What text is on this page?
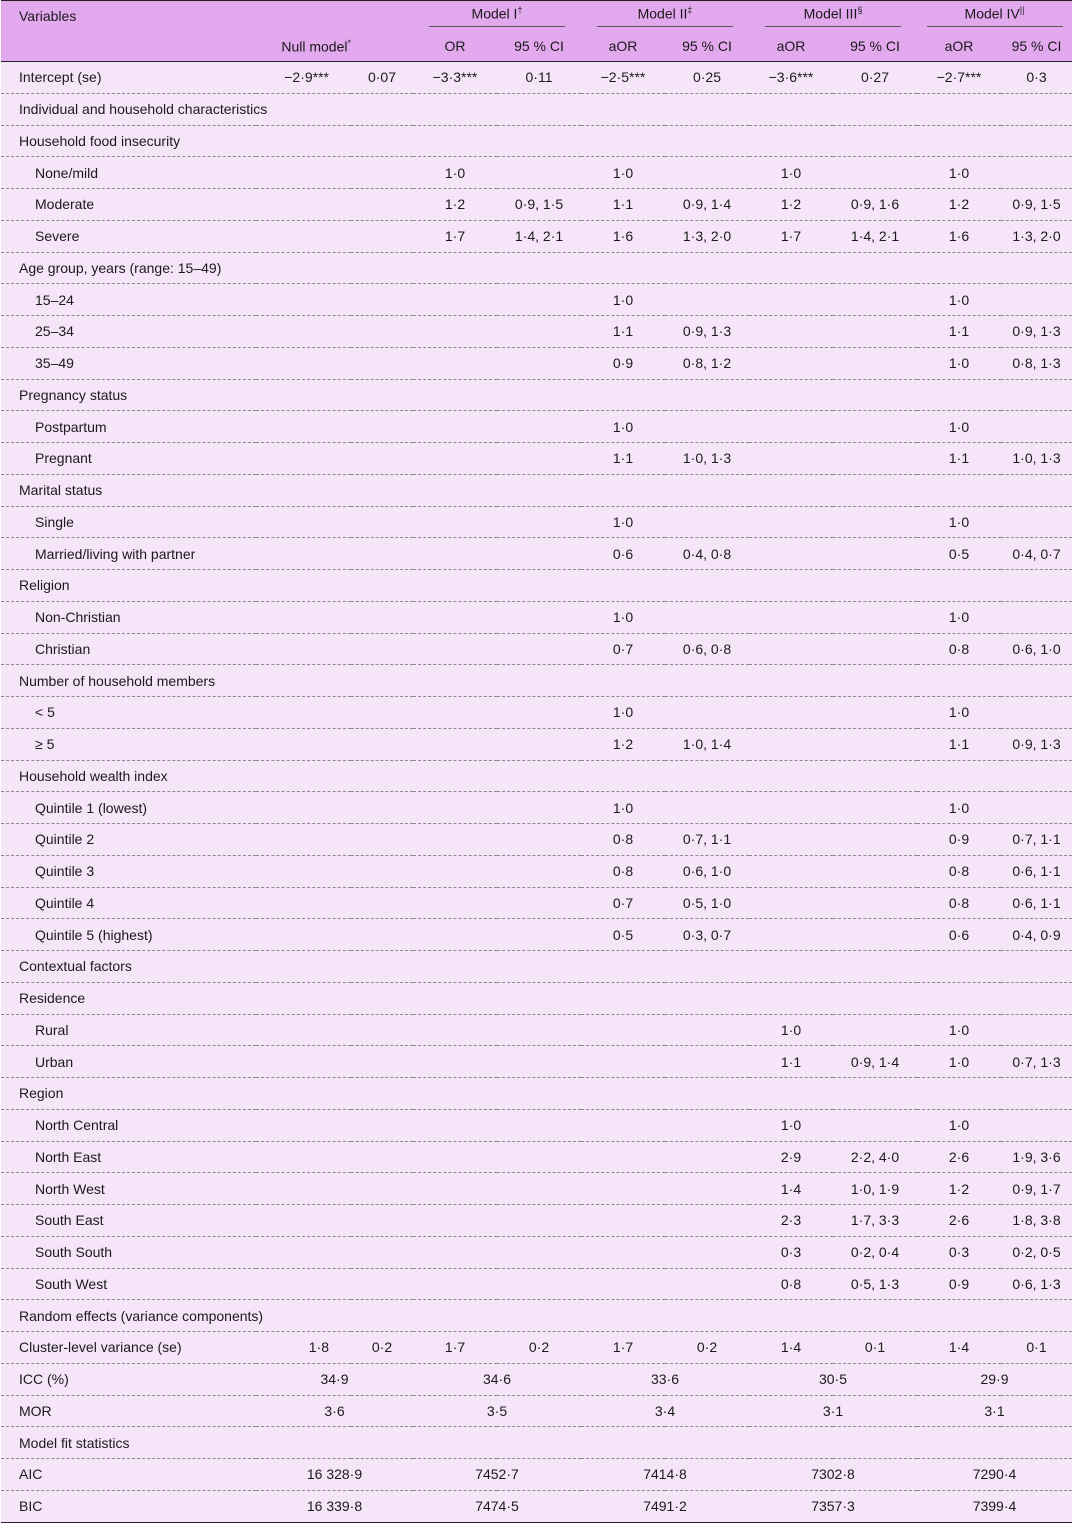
Variables			Model I†		Model II‡		Model III§		Model IV||
	Null model*		OR	95 % CI	aOR	95 % CI	aOR	95 % CI	aOR	95 % CI
Intercept (se)	−2·9***	0·07	−3·3***	0·11	−2·5***	0·25	−3·6***	0·27	−2·7***	0·3
Individual and household characteristics										
Household food insecurity										
None/mild			1·0		1·0		1·0		1·0	
Moderate			1·2	0·9, 1·5	1·1	0·9, 1·4	1·2	0·9, 1·6	1·2	0·9, 1·5
Severe			1·7	1·4, 2·1	1·6	1·3, 2·0	1·7	1·4, 2·1	1·6	1·3, 2·0
Age group, years (range: 15–49)										
15–24					1·0				1·0	
25–34					1·1	0·9, 1·3			1·1	0·9, 1·3
35–49					0·9	0·8, 1·2			1·0	0·8, 1·3
Pregnancy status										
Postpartum					1·0				1·0	
Pregnant					1·1	1·0, 1·3			1·1	1·0, 1·3
Marital status										
Single					1·0				1·0	
Married/living with partner					0·6	0·4, 0·8			0·5	0·4, 0·7
Religion										
Non-Christian					1·0				1·0	
Christian					0·7	0·6, 0·8			0·8	0·6, 1·0
Number of household members										
< 5					1·0				1·0	
≥ 5					1·2	1·0, 1·4			1·1	0·9, 1·3
Household wealth index										
Quintile 1 (lowest)					1·0				1·0	
Quintile 2					0·8	0·7, 1·1			0·9	0·7, 1·1
Quintile 3					0·8	0·6, 1·0			0·8	0·6, 1·1
Quintile 4					0·7	0·5, 1·0			0·8	0·6, 1·1
Quintile 5 (highest)					0·5	0·3, 0·7			0·6	0·4, 0·9
Contextual factors										
Residence										
Rural							1·0		1·0	
Urban							1·1	0·9, 1·4	1·0	0·7, 1·3
Region										
North Central							1·0		1·0	
North East							2·9	2·2, 4·0	2·6	1·9, 3·6
North West							1·4	1·0, 1·9	1·2	0·9, 1·7
South East							2·3	1·7, 3·3	2·6	1·8, 3·8
South South							0·3	0·2, 0·4	0·3	0·2, 0·5
South West							0·8	0·5, 1·3	0·9	0·6, 1·3
Random effects (variance components)										
Cluster-level variance (se)	1·8	0·2	1·7	0·2	1·7	0·2	1·4	0·1	1·4	0·1
ICC (%)	34·9		34·6		33·6		30·5		29·9	
MOR	3·6		3·5		3·4		3·1		3·1	
Model fit statistics										
AIC	16 328·9		7452·7		7414·8		7302·8		7290·4	
BIC	16 339·8		7474·5		7491·2		7357·3		7399·4	
